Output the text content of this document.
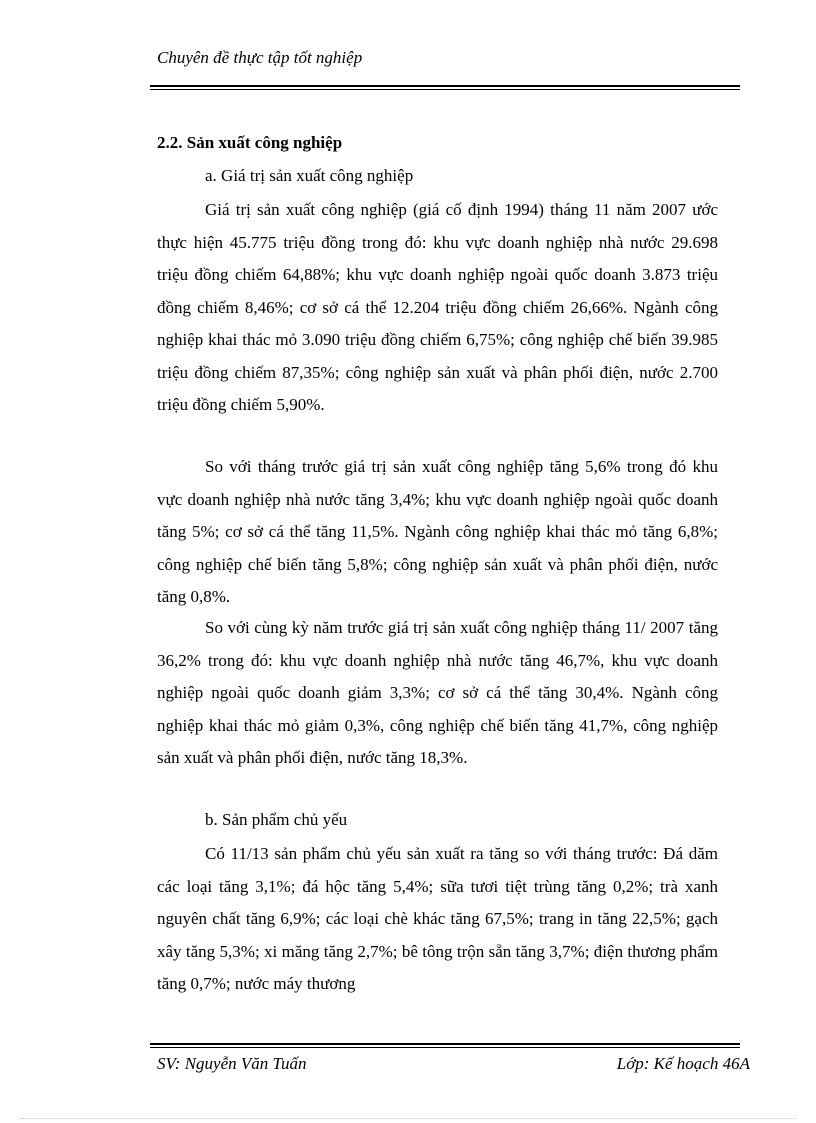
Chuyên đề thực tập tốt nghiệp
2.2. Sản xuất công nghiệp
a. Giá trị sản xuất công nghiệp

Giá trị sản xuất công nghiệp (giá cố định 1994) tháng 11 năm 2007 ước thực hiện 45.775 triệu đồng trong đó: khu vực doanh nghiệp nhà nước 29.698 triệu đồng chiếm 64,88%; khu vực doanh nghiệp ngoài quốc doanh 3.873 triệu đồng chiếm 8,46%; cơ sở cá thể 12.204 triệu đồng chiếm 26,66%. Ngành công nghiệp khai thác mỏ 3.090 triệu đồng chiếm 6,75%; công nghiệp chế biến 39.985 triệu đồng chiếm 87,35%; công nghiệp sản xuất và phân phối điện, nước 2.700 triệu đồng chiếm 5,90%.

So với tháng trước giá trị sản xuất công nghiệp tăng 5,6% trong đó khu vực doanh nghiệp nhà nước tăng 3,4%; khu vực doanh nghiệp ngoài quốc doanh tăng 5%; cơ sở cá thể tăng 11,5%. Ngành công nghiệp khai thác mỏ tăng 6,8%; công nghiệp chế biến tăng 5,8%; công nghiệp sản xuất và phân phối điện, nước tăng 0,8%.

So với cùng kỳ năm trước giá trị sản xuất công nghiệp tháng 11/ 2007 tăng 36,2% trong đó: khu vực doanh nghiệp nhà nước tăng 46,7%, khu vực doanh nghiệp ngoài quốc doanh giảm 3,3%; cơ sở cá thể tăng 30,4%. Ngành công nghiệp khai thác mỏ giảm 0,3%, công nghiệp chế biến tăng 41,7%, công nghiệp sản xuất và phân phối điện, nước tăng 18,3%.

b. Sản phẩm chủ yếu

Có 11/13 sản phẩm chủ yếu sản xuất ra tăng so với tháng trước: Đá dăm các loại tăng 3,1%; đá hộc tăng 5,4%; sữa tươi tiệt trùng tăng 0,2%; trà xanh nguyên chất tăng 6,9%; các loại chè khác tăng 67,5%; trang in tăng 22,5%; gạch xây tăng 5,3%; xi măng tăng 2,7%; bê tông trộn sẵn tăng 3,7%; điện thương phẩm tăng 0,7%; nước máy thương

SV: Nguyễn Văn Tuấn	Lớp: Kế hoạch 46A
